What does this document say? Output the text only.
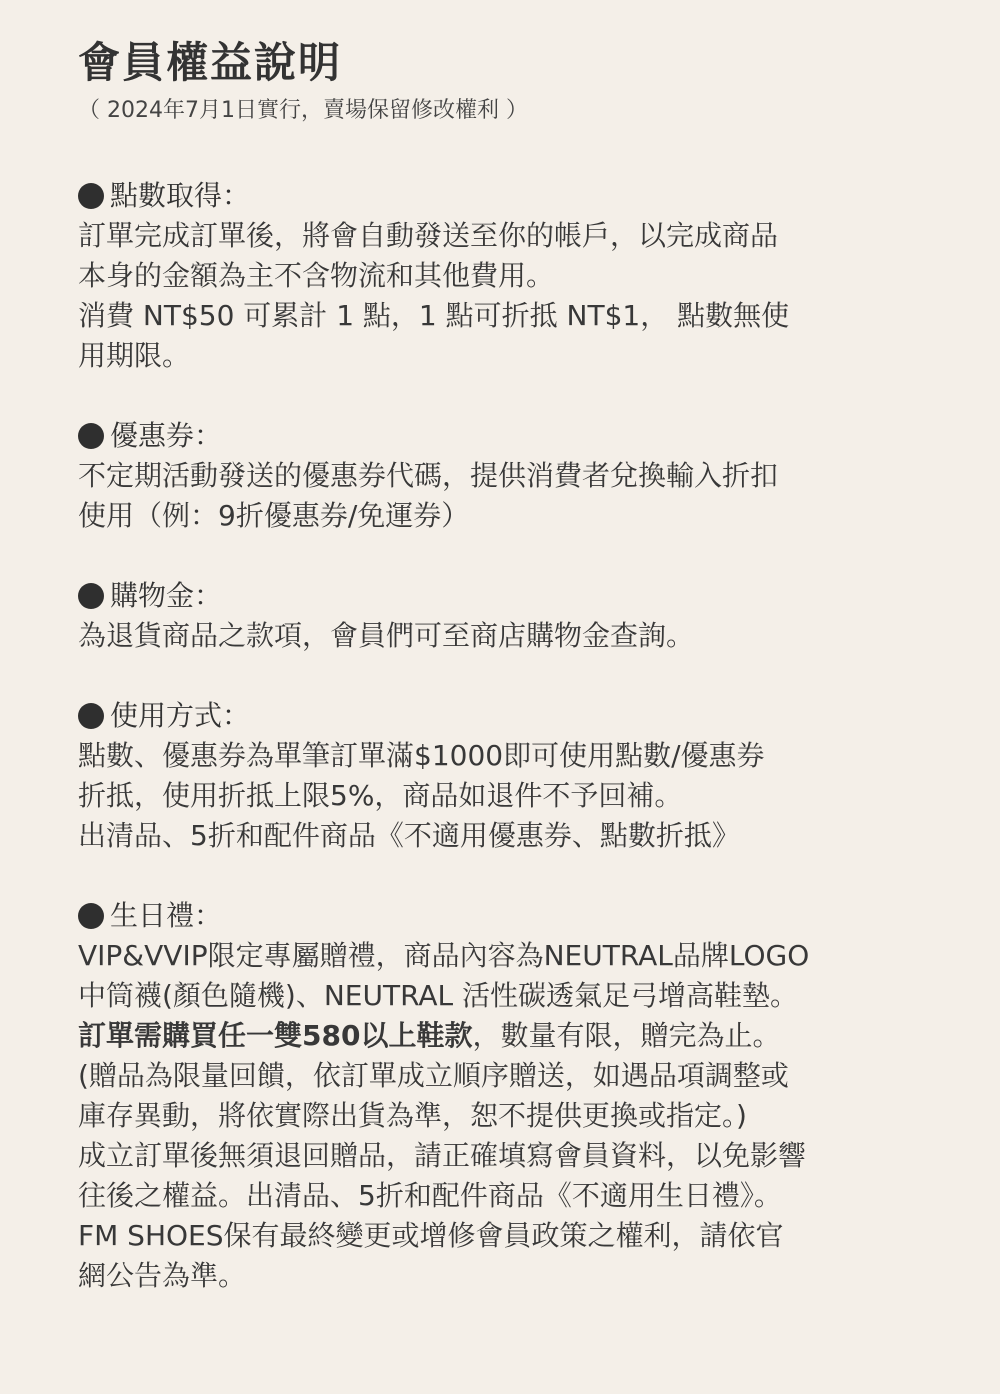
會員權益說明
（ 2024年7月1日實行，賣場保留修改權利 ）
點數取得：
訂單完成訂單後，將會自動發送至你的帳戶，以完成商品
本身的金額為主不含物流和其他費用。
消費 NT$50 可累計 1 點，1 點可折抵 NT$1， 點數無使
用期限。
優惠券：
不定期活動發送的優惠券代碼，提供消費者兌換輸入折扣
使用（例：9折優惠券/免運券）
購物金：
為退貨商品之款項，會員們可至商店購物金查詢。
使用方式：
點數、優惠券為單筆訂單滿$1000即可使用點數/優惠券
折抵，使用折抵上限5%，商品如退件不予回補。
出清品、5折和配件商品《不適用優惠券、點數折抵》
生日禮：
VIP&VVIP限定專屬贈禮，商品內容為NEUTRAL品牌LOGO
中筒襪(顏色隨機)、NEUTRAL 活性碳透氣足弓增高鞋墊。
訂單需購買任一雙580以上鞋款，數量有限，贈完為止。
(贈品為限量回饋，依訂單成立順序贈送，如遇品項調整或
庫存異動，將依實際出貨為準，恕不提供更換或指定。)
成立訂單後無須退回贈品，請正確填寫會員資料，以免影響
往後之權益。出清品、5折和配件商品《不適用生日禮》。
FM SHOES保有最終變更或增修會員政策之權利，請依官
網公告為準。
